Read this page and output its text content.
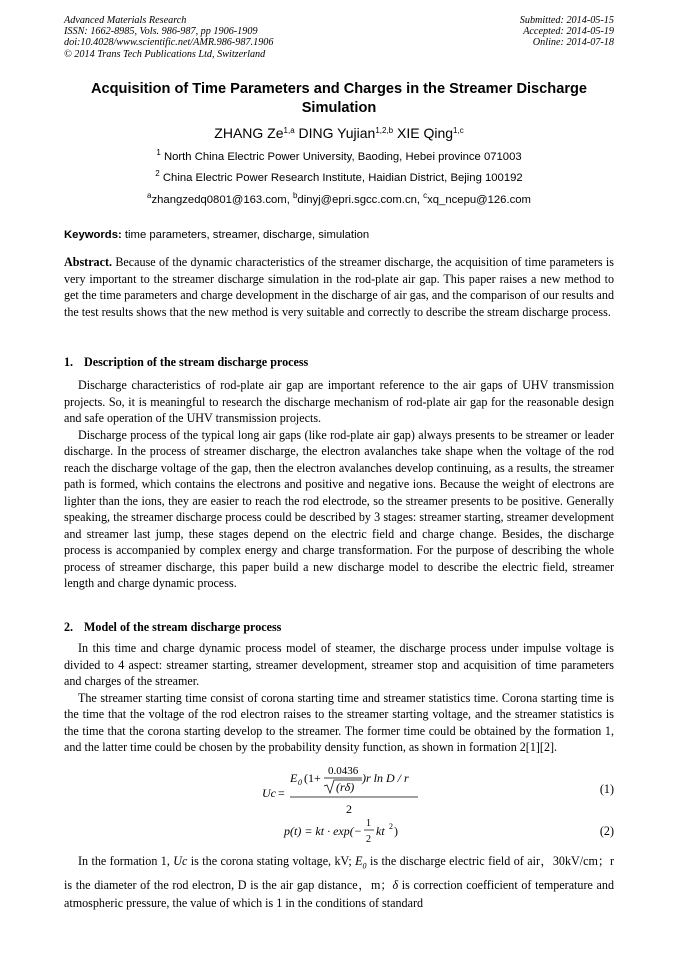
Advanced Materials Research
ISSN: 1662-8985, Vols. 986-987, pp 1906-1909
doi:10.4028/www.scientific.net/AMR.986-987.1906
© 2014 Trans Tech Publications Ltd, Switzerland
Submitted: 2014-05-15
Accepted: 2014-05-19
Online: 2014-07-18
Acquisition of Time Parameters and Charges in the Streamer Discharge Simulation
ZHANG Ze$^{1,a}$ DING Yujian$^{1,2,b}$ XIE Qing$^{1,c}$
$^1$ North China Electric Power University, Baoding, Hebei province 071003
$^2$ China Electric Power Research Institute, Haidian District, Bejing 100192
$^a$zhangzedq0801@163.com, $^b$dinyj@epri.sgcc.com.cn, $^c$xq_ncepu@126.com
Keywords: time parameters, streamer, discharge, simulation

Abstract. Because of the dynamic characteristics of the streamer discharge, the acquisition of time parameters is very important to the streamer discharge simulation in the rod-plate air gap. This paper raises a new method to get the time parameters and charge development in the discharge of air gas, and the comparison of our results and the test results shows that the new method is very suitable and correctly to describe the stream discharge process.

1. Description of the stream discharge process

Discharge characteristics of rod-plate air gap are important reference to the air gaps of UHV transmission projects. So, it is meaningful to research the discharge mechanism of rod-plate air gap for the reasonable design and safe operation of the UHV transmission projects.

Discharge process of the typical long air gaps (like rod-plate air gap) always presents to be streamer or leader discharge. In the process of streamer discharge, the electron avalanches take shape when the voltage of the rod reach the discharge voltage of the gap, then the electron avalanches develop continuing, as a results, the streamer path is formed, which contains the electrons and positive and negative ions. Because the weight of electrons are lighter than the ions, they are easier to reach the rod electrode, so the streamer presents to be positive. Generally speaking, the streamer discharge process could be described by 3 stages: streamer starting, streamer development and streamer last jump, these stages depend on the electric field and charge change. Besides, the discharge process is accompanied by complex energy and charge transformation. For the purpose of describing the whole process of streamer discharge, this paper build a new discharge model to describe the electric field, streamer length and charge dynamic process.

2. Model of the stream discharge process

In this time and charge dynamic process model of steamer, the discharge process under impulse voltage is divided to 4 aspect: streamer starting, streamer development, streamer stop and acquisition of time parameters and charges of the streamer.

The streamer starting time consist of corona starting time and streamer statistics time. Corona starting time is the time that the voltage of the rod electron raises to the streamer starting voltage, and the streamer statistics is the time that the corona starting develop to the streamer. The former time could be obtained by the formation 1, and the latter time could be chosen by the probability density function, as shown in formation 2[1][2].

Uc =
E 0 (1+ 0.0436
(rδ)
)r ln D / r
2
(1)
p(t) = kt · exp(−
1
2
kt 2 )	(2)

In the formation 1, Uc is the corona stating voltage, kV; $E_0$ is the discharge electric field of air，30kV/cm；r is the diameter of the rod electron, D is the air gap distance，m；δ is correction coefficient of temperature and atmospheric pressure, the value of which is 1 in the conditions of standard
